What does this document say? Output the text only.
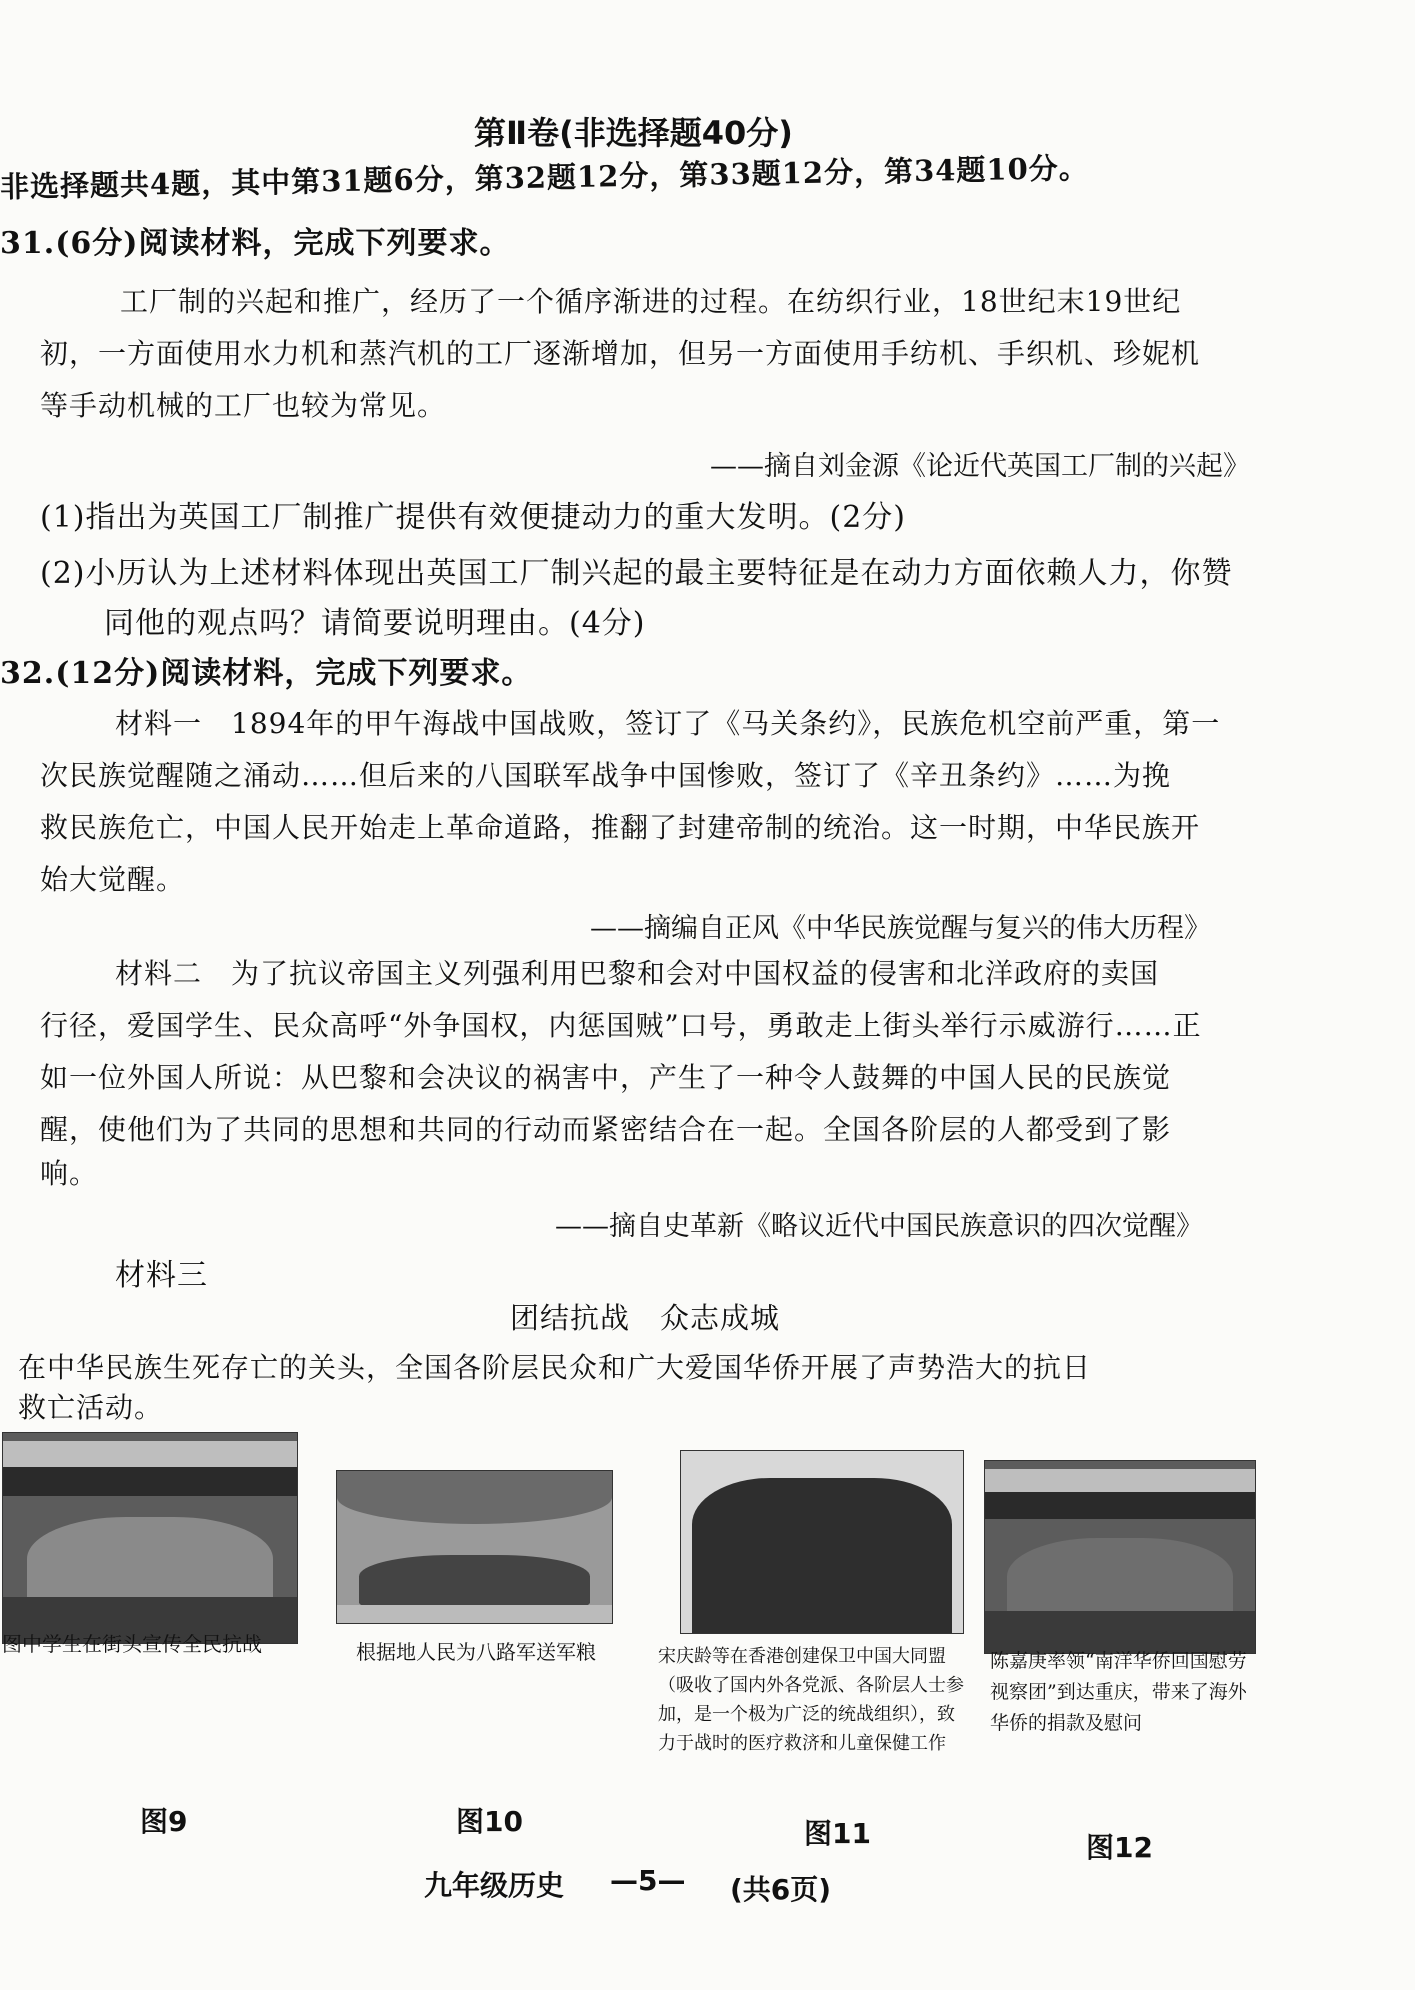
第Ⅱ卷(非选择题40分)
非选择题共4题，其中第31题6分，第32题12分，第33题12分，第34题10分。
31.(6分)阅读材料，完成下列要求。
工厂制的兴起和推广，经历了一个循序渐进的过程。在纺织行业，18世纪末19世纪
初，一方面使用水力机和蒸汽机的工厂逐渐增加，但另一方面使用手纺机、手织机、珍妮机
等手动机械的工厂也较为常见。
——摘自刘金源《论近代英国工厂制的兴起》
(1)指出为英国工厂制推广提供有效便捷动力的重大发明。(2分)
(2)小历认为上述材料体现出英国工厂制兴起的最主要特征是在动力方面依赖人力，你赞
同他的观点吗？请简要说明理由。(4分)
32.(12分)阅读材料，完成下列要求。
材料一　1894年的甲午海战中国战败，签订了《马关条约》，民族危机空前严重，第一
次民族觉醒随之涌动……但后来的八国联军战争中国惨败，签订了《辛丑条约》……为挽
救民族危亡，中国人民开始走上革命道路，推翻了封建帝制的统治。这一时期，中华民族开
始大觉醒。
——摘编自正风《中华民族觉醒与复兴的伟大历程》
材料二　为了抗议帝国主义列强利用巴黎和会对中国权益的侵害和北洋政府的卖国
行径，爱国学生、民众高呼“外争国权，内惩国贼”口号，勇敢走上街头举行示威游行……正
如一位外国人所说：从巴黎和会决议的祸害中，产生了一种令人鼓舞的中国人民的民族觉
醒，使他们为了共同的思想和共同的行动而紧密结合在一起。全国各阶层的人都受到了影
响。
——摘自史革新《略议近代中国民族意识的四次觉醒》
材料三
团结抗战　众志成城
在中华民族生死存亡的关头，全国各阶层民众和广大爱国华侨开展了声势浩大的抗日
救亡活动。
图中学生在街头宣传全民抗战	根据地人民为八路军送军粮	宋庆龄等在香港创建保卫中国大同盟（吸收了国内外各党派、各阶层人士参加，是一个极为广泛的统战组织），致力于战时的医疗救济和儿童保健工作
陈嘉庚率领“南洋华侨回国慰劳视察团”到达重庆，带来了海外华侨的捐款及慰问
图9	图10	图11	图12
九年级历史 —5— (共6页)
